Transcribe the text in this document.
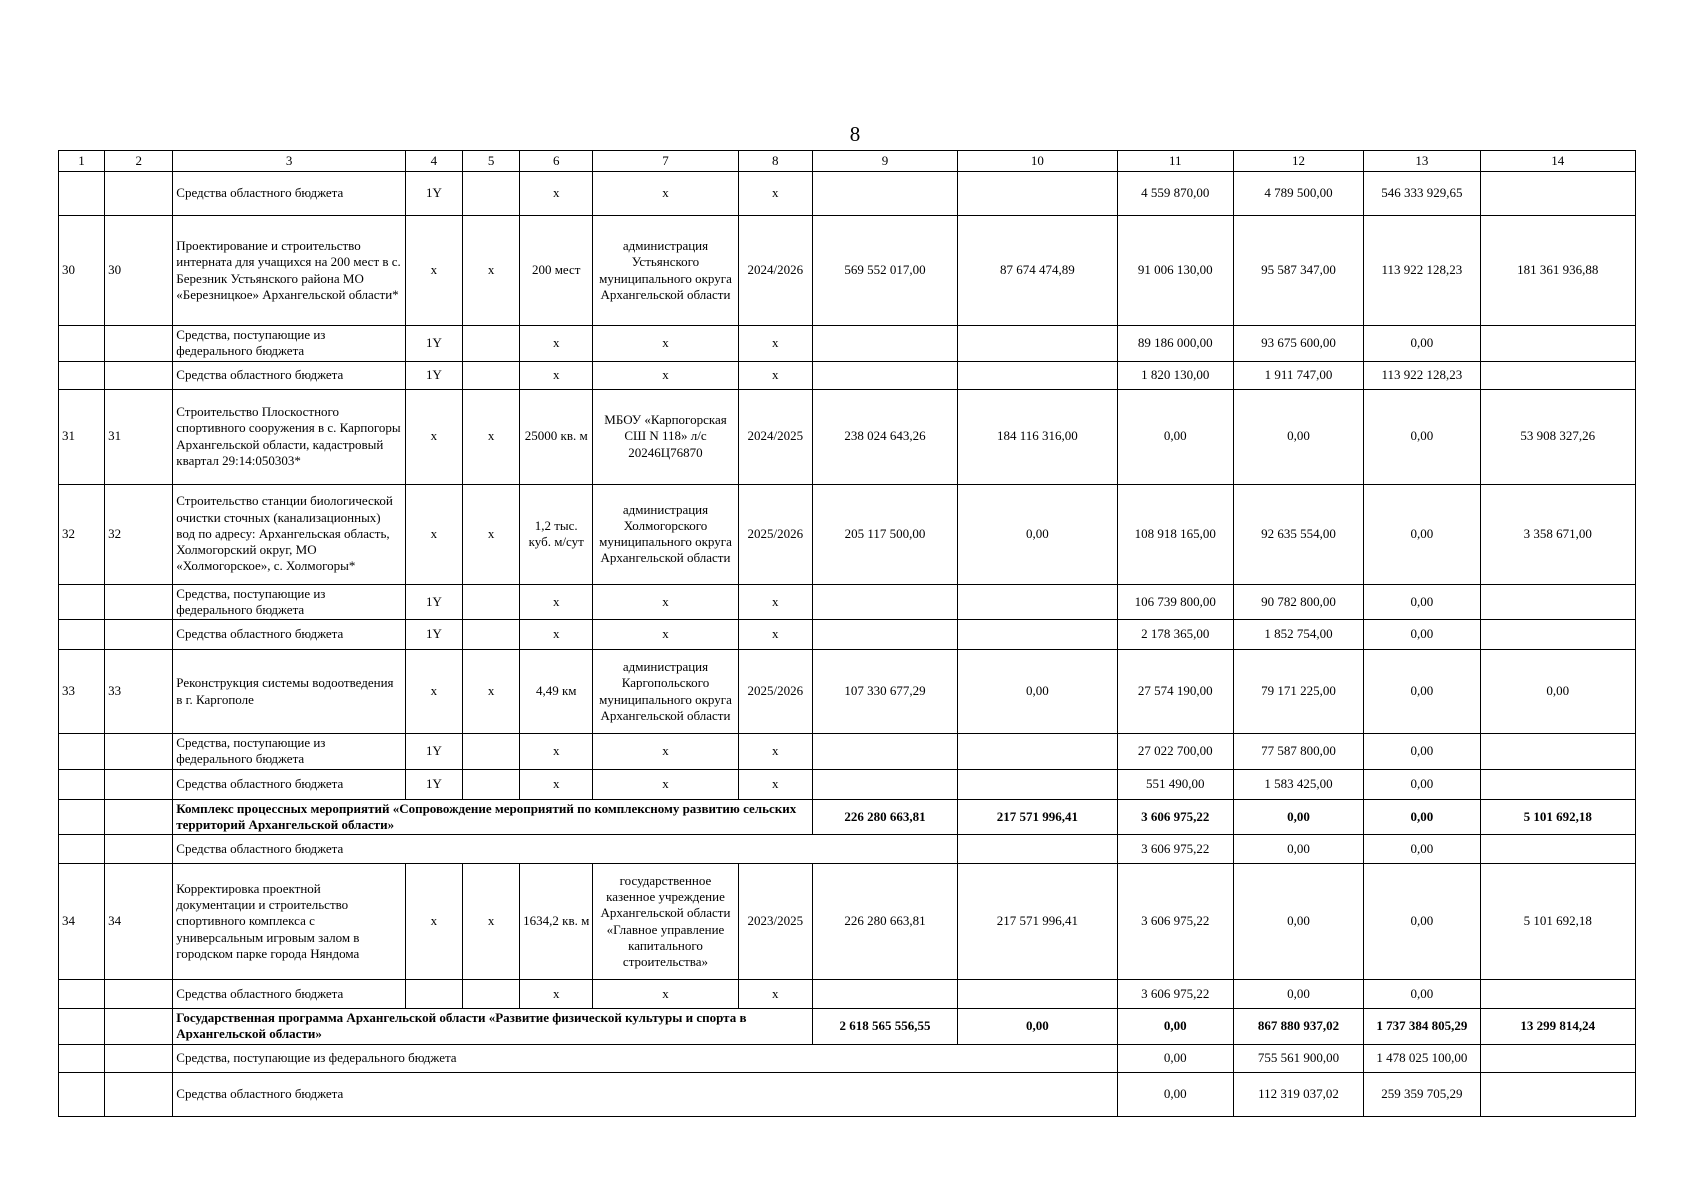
8
1	2	3	4	5	6	7	8	9	10	11	12	13	14
		Средства областного бюджета	1Y		x	x	x			4 559 870,00	4 789 500,00	546 333 929,65	
30	30	Проектирование и строительство интерната для учащихся на 200 мест в с. Березник Устьянского района МО «Березницкое» Архангельской области*	x	x	200 мест	администрация Устьянского муниципального округа Архангельской области	2024/2026	569 552 017,00	87 674 474,89	91 006 130,00	95 587 347,00	113 922 128,23	181 361 936,88
		Средства, поступающие из федерального бюджета	1Y		x	x	x			89 186 000,00	93 675 600,00	0,00	
		Средства областного бюджета	1Y		x	x	x			1 820 130,00	1 911 747,00	113 922 128,23	
31	31	Строительство Плоскостного спортивного сооружения в с. Карпогоры Архангельской области, кадастровый квартал 29:14:050303*	x	x	25000 кв. м	МБОУ «Карпогорская СШ N 118» л/с 20246Ц76870	2024/2025	238 024 643,26	184 116 316,00	0,00	0,00	0,00	53 908 327,26
32	32	Строительство станции биологической очистки сточных (канализационных) вод по адресу: Архангельская область, Холмогорский округ, МО «Холмогорское», с. Холмогоры*	x	x	1,2 тыс. куб. м/сут	администрация Холмогорского муниципального округа Архангельской области	2025/2026	205 117 500,00	0,00	108 918 165,00	92 635 554,00	0,00	3 358 671,00
		Средства, поступающие из федерального бюджета	1Y		x	x	x			106 739 800,00	90 782 800,00	0,00	
		Средства областного бюджета	1Y		x	x	x			2 178 365,00	1 852 754,00	0,00	
33	33	Реконструкция системы водоотведения в г. Каргополе	x	x	4,49 км	администрация Каргопольского муниципального округа Архангельской области	2025/2026	107 330 677,29	0,00	27 574 190,00	79 171 225,00	0,00	0,00
		Средства, поступающие из федерального бюджета	1Y		x	x	x			27 022 700,00	77 587 800,00	0,00	
		Средства областного бюджета	1Y		x	x	x			551 490,00	1 583 425,00	0,00	
		Комплекс процессных мероприятий «Сопровождение мероприятий по комплексному развитию сельских территорий Архангельской области»						226 280 663,81	217 571 996,41	3 606 975,22	0,00	0,00	5 101 692,18
		Средства областного бюджета								3 606 975,22	0,00	0,00	
34	34	Корректировка проектной документации и строительство спортивного комплекса с универсальным игровым залом в городском парке города Няндома	x	x	1634,2 кв. м	государственное казенное учреждение Архангельской области «Главное управление капитального строительства»	2023/2025	226 280 663,81	217 571 996,41	3 606 975,22	0,00	0,00	5 101 692,18
		Средства областного бюджета			x	x	x			3 606 975,22	0,00	0,00	
		Государственная программа Архангельской области «Развитие физической культуры и спорта в Архангельской области»						2 618 565 556,55	0,00	0,00	867 880 937,02	1 737 384 805,29	13 299 814,24
		Средства, поступающие из федерального бюджета								0,00	755 561 900,00	1 478 025 100,00	
		Средства областного бюджета								0,00	112 319 037,02	259 359 705,29	
